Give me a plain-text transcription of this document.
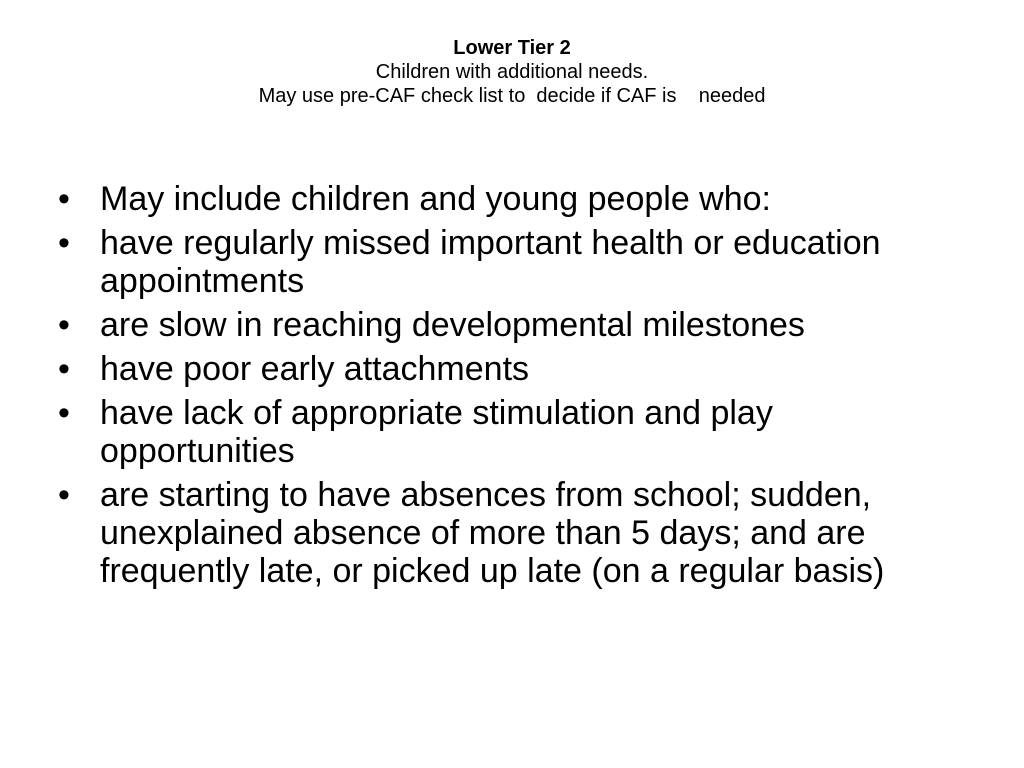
Lower Tier 2
Children with additional needs.
May use pre-CAF check list to  decide if CAF is    needed
• May include children and young people who:
• have regularly missed important health or education appointments
• are slow in reaching developmental milestones
• have poor early attachments
• have lack of appropriate stimulation and play opportunities
• are starting to have absences from school; sudden, unexplained absence of more than 5 days; and are frequently late, or picked up late (on a regular basis)
